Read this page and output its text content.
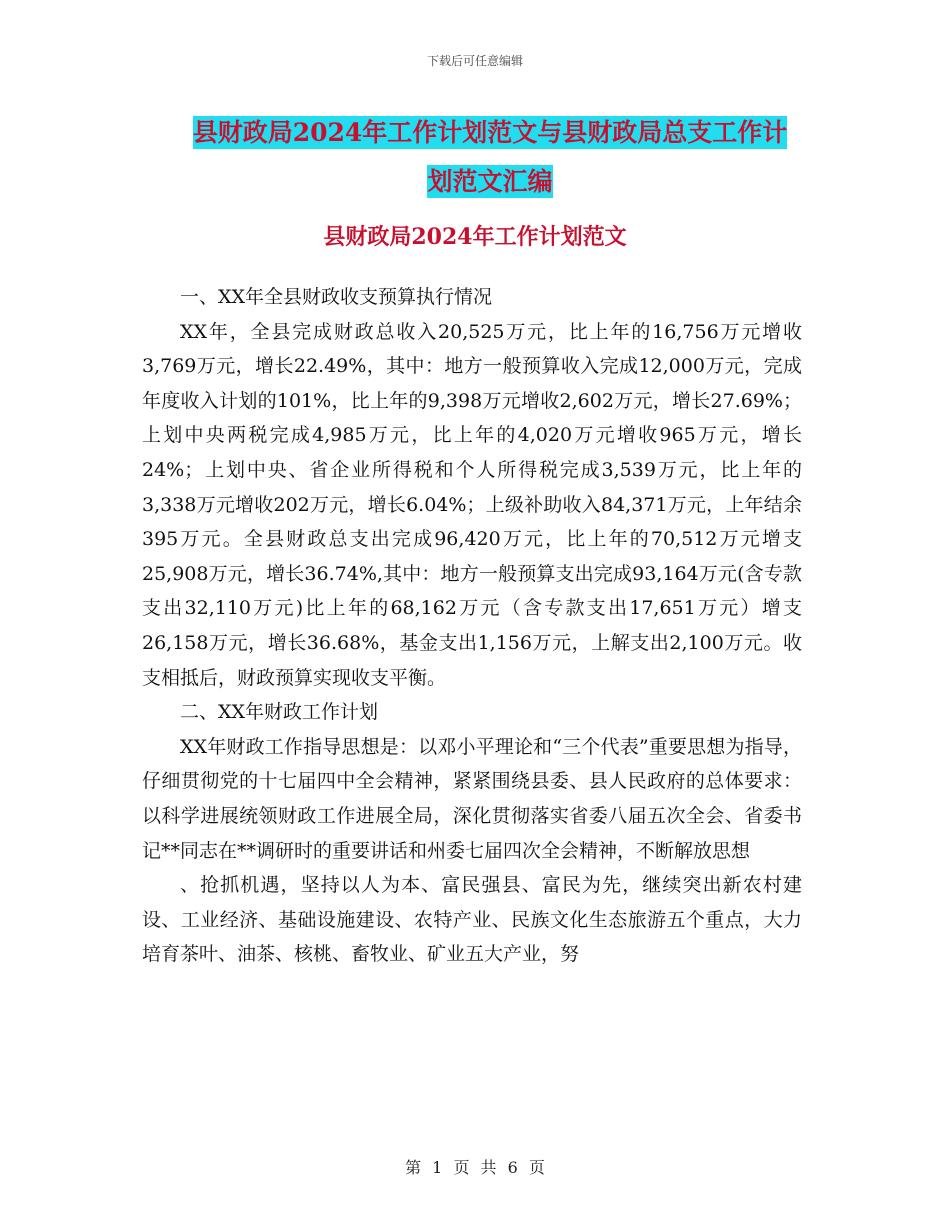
下载后可任意编辑
县财政局2024年工作计划范文与县财政局总支工作计
划范文汇编
县财政局2024年工作计划范文

一、XX年全县财政收支预算执行情况

XX年，全县完成财政总收入20,525万元，比上年的16,756万元增收3,769万元，增长22.49%，其中：地方一般预算收入完成12,000万元，完成年度收入计划的101%，比上年的9,398万元增收2,602万元，增长27.69%；上划中央两税完成4,985万元，比上年的4,020万元增收965万元，增长24%；上划中央、省企业所得税和个人所得税完成3,539万元，比上年的3,338万元增收202万元，增长6.04%；上级补助收入84,371万元，上年结余395万元。全县财政总支出完成96,420万元，比上年的70,512万元增支25,908万元，增长36.74%,其中：地方一般预算支出完成93,164万元(含专款支出32,110万元)比上年的68,162万元（含专款支出17,651万元）增支26,158万元，增长36.68%，基金支出1,156万元，上解支出2,100万元。收支相抵后，财政预算实现收支平衡。

二、XX年财政工作计划

XX年财政工作指导思想是：以邓小平理论和“三个代表”重要思想为指导，仔细贯彻党的十七届四中全会精神，紧紧围绕县委、县人民政府的总体要求：以科学进展统领财政工作进展全局，深化贯彻落实省委八届五次全会、省委书记**同志在**调研时的重要讲话和州委七届四次全会精神，不断解放思想

、抢抓机遇，坚持以人为本、富民强县、富民为先，继续突出新农村建设、工业经济、基础设施建设、农特产业、民族文化生态旅游五个重点，大力培育茶叶、油茶、核桃、畜牧业、矿业五大产业，努

第 1 页 共 6 页
